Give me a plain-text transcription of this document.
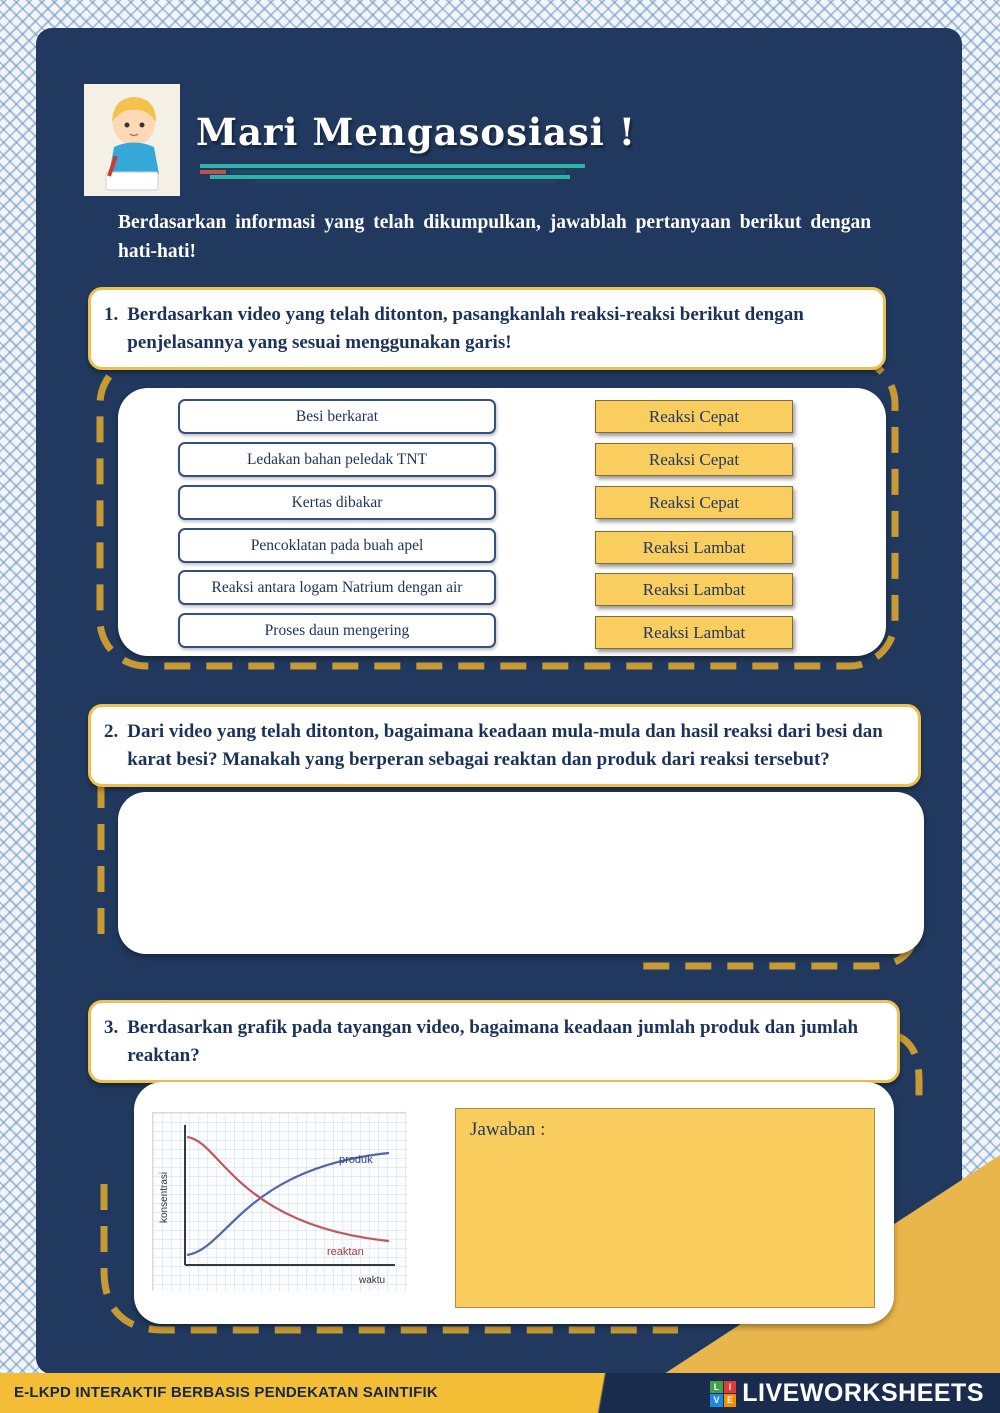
Mari Mengasosiasi !

Berdasarkan informasi yang telah dikumpulkan, jawablah pertanyaan berikut dengan hati-hati!

1. Berdasarkan video yang telah ditonton, pasangkanlah reaksi-reaksi berikut dengan penjelasannya yang sesuai menggunakan garis!
Besi berkarat
Ledakan bahan peledak TNT
Kertas dibakar
Pencoklatan pada buah apel
Reaksi antara logam Natrium dengan air
Proses daun mengering
Reaksi Cepat
Reaksi Cepat
Reaksi Cepat
Reaksi Lambat
Reaksi Lambat
Reaksi Lambat
2. Dari video yang telah ditonton, bagaimana keadaan mula-mula dan hasil reaksi dari besi dan karat besi? Manakah yang berperan sebagai reaktan dan produk dari reaksi tersebut?
3. Berdasarkan grafik pada tayangan video, bagaimana keadaan jumlah produk dan jumlah reaktan?
produk
reaktan
konsentrasi
waktu
Jawaban :
E-LKPD INTERAKTIF BERBASIS PENDEKATAN SAINTIFIK	L	I
V E LIVEWORKSHEETS
